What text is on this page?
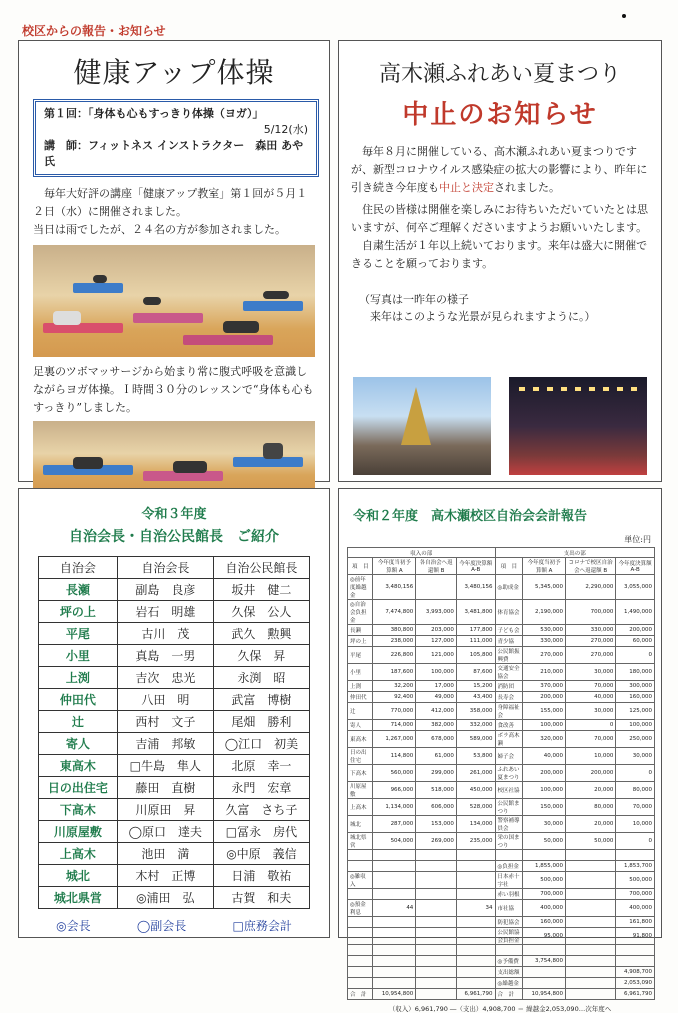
校区からの報告・お知らせ
健康アップ体操
第１回：「身体も心もすっきり体操（ヨガ）」
5/12(水)
講　師：フィットネス インストラクター　森田 あや 氏

　毎年大好評の講座「健康アップ教室」第１回が５月１２日（水）に開催されました。

当日は雨でしたが、２４名の方が参加されました。

足裏のツボマッサージから始まり常に腹式呼吸を意識しながらヨガ体操。Ｉ時間３０分のレッスンで“身体も心もすっきり”しました。

高木瀬ふれあい夏まつり
中止のお知らせ

　毎年８月に開催している、高木瀬ふれあい夏まつりですが、新型コロナウイルス感染症の拡大の影響により、昨年に引き続き今年度も中止と決定されました。

　住民の皆様は開催を楽しみにお待ちいただいていたとは思いますが、何卒ご理解くださいますようお願いいたします。

　自粛生活が１年以上続いております。来年は盛大に開催できることを願っております。

（写真は一昨年の様子
　来年はこのような光景が見られますように。）
令和３年度
自治会長・自治公民館長　ご紹介
自治会	自治会長	自治公民館長
長瀬	副島　良彦	坂井　健二
坪の上	岩石　明雄	久保　公人
平尾	古川　茂	武久　勲興
小里	真島　一男	久保　昇
上渕	吉次　忠光	永渕　昭
仲田代	八田　明	武富　博樹
辻	西村　文子	尾畑　勝利
寄人	吉浦　邦敏	◯江口　初美
東高木	□牛島　隼人	北原　幸一
日の出住宅	藤田　直樹	永門　宏章
下高木	川原田　昇	久富　さち子
川原屋敷	◯原口　達夫	□冨永　房代
上高木	池田　満	◎中原　義信
城北	木村　正博	日浦　敬祐
城北県営	◎浦田　弘	古賀　和夫
◎会長	◯副会長	□庶務会計
令和２年度　高木瀬校区自治会会計報告
単位:円
収入の部				支出の部			
項　目	今年度当初予算額 A	各自治会へ返還額 B	今年度決算額 A-B	項　目	今年度当初予算額 A	コロナで校区自治会へ返還額 B	今年度決算額 A-B
◎前年度繰越金	3,480,156		3,480,156	◎助成金	5,345,000	2,290,000	3,055,000
◎自治会負担金	7,474,800	3,993,000	3,481,800	体育協会	2,190,000	700,000	1,490,000
長瀬	380,800	203,000	177,800	子ども会	530,000	330,000	200,000
坪の上	238,000	127,000	111,000	青少協	330,000	270,000	60,000
平尾	226,800	121,000	105,800	公民館振興費	270,000	270,000	0
小里	187,600	100,000	87,600	交通安全協会	210,000	30,000	180,000
上渕	32,200	17,000	15,200	消防団	370,000	70,000	300,000
仲田代	92,400	49,000	43,400	長寿会	200,000	40,000	160,000
辻	770,000	412,000	358,000	身障福祉会	155,000	30,000	125,000
寄人	714,000	382,000	332,000	食改善	100,000	0	100,000
東高木	1,267,000	678,000	589,000	ボラ高木瀬	320,000	70,000	250,000
日の出住宅	114,800	61,000	53,800	婦子会	40,000	10,000	30,000
下高木	560,000	299,000	261,000	ふれあい夏まつり	200,000	200,000	0
川原屋敷	966,000	518,000	450,000	校区社協	100,000	20,000	80,000
上高木	1,134,000	606,000	528,000	公民館まつり	150,000	80,000	70,000
城北	287,000	153,000	134,000	警察補導員会	30,000	20,000	10,000
城北県営	504,000	269,000	235,000	栄の国まつり	50,000	50,000	0

				◎負担金	1,855,000		1,853,700
◎雑収入				日本赤十字社	500,000		500,000
				赤い羽根	700,000		700,000
◎預金利息	44		34	市社協	400,000		400,000
				防犯協会	160,000		161,800
				公民館協会負担金	95,000		91,800

				◎予備費	3,754,800		
				支出総額			4,908,700
				◎繰越金			2,053,090
合　計	10,954,800		6,961,790	合　計	10,954,800		6,961,790
（収入）6,961,790 ―（支出）4,908,700 ＝ 繰越金2,053,090…次年度へ
